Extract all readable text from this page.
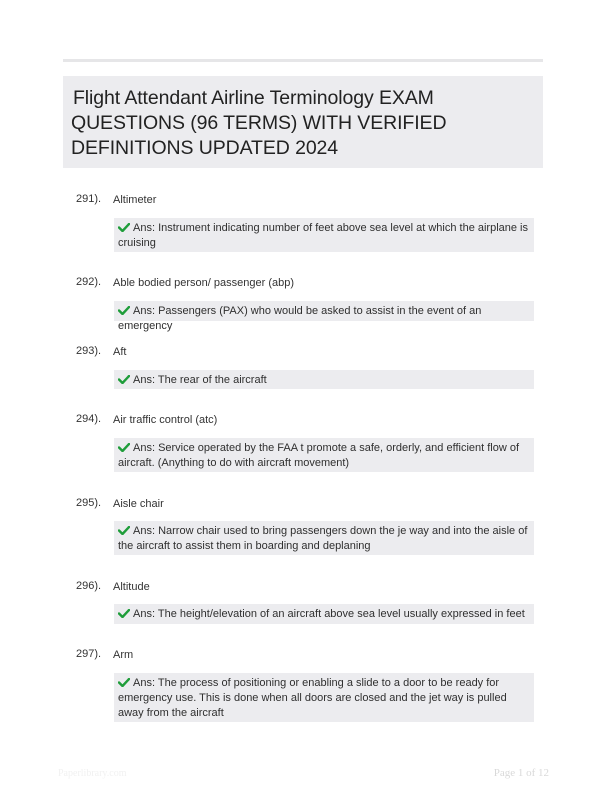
Flight Attendant Airline Terminology EXAM
QUESTIONS (96 TERMS) WITH VERIFIED
DEFINITIONS UPDATED 2024
291). Altimeter
Ans: Instrument indicating number of feet above sea level at which the airplane is cruising
292). Able bodied person/ passenger (abp)
Ans: Passengers (PAX) who would be asked to assist in the event of an emergency
293). Aft
Ans: The rear of the aircraft
294). Air traffic control (atc)
Ans: Service operated by the FAA t promote a safe, orderly, and efficient flow of aircraft. (Anything to do with aircraft movement)
295). Aisle chair
Ans: Narrow chair used to bring passengers down the je way and into the aisle of the aircraft to assist them in boarding and deplaning
296). Altitude
Ans: The height/elevation of an aircraft above sea level usually expressed in feet
297). Arm
Ans: The process of positioning or enabling a slide to a door to be ready for emergency use. This is done when all doors are closed and the jet way is pulled away from the aircraft
Paperlibrary.com	Page 1 of 12
